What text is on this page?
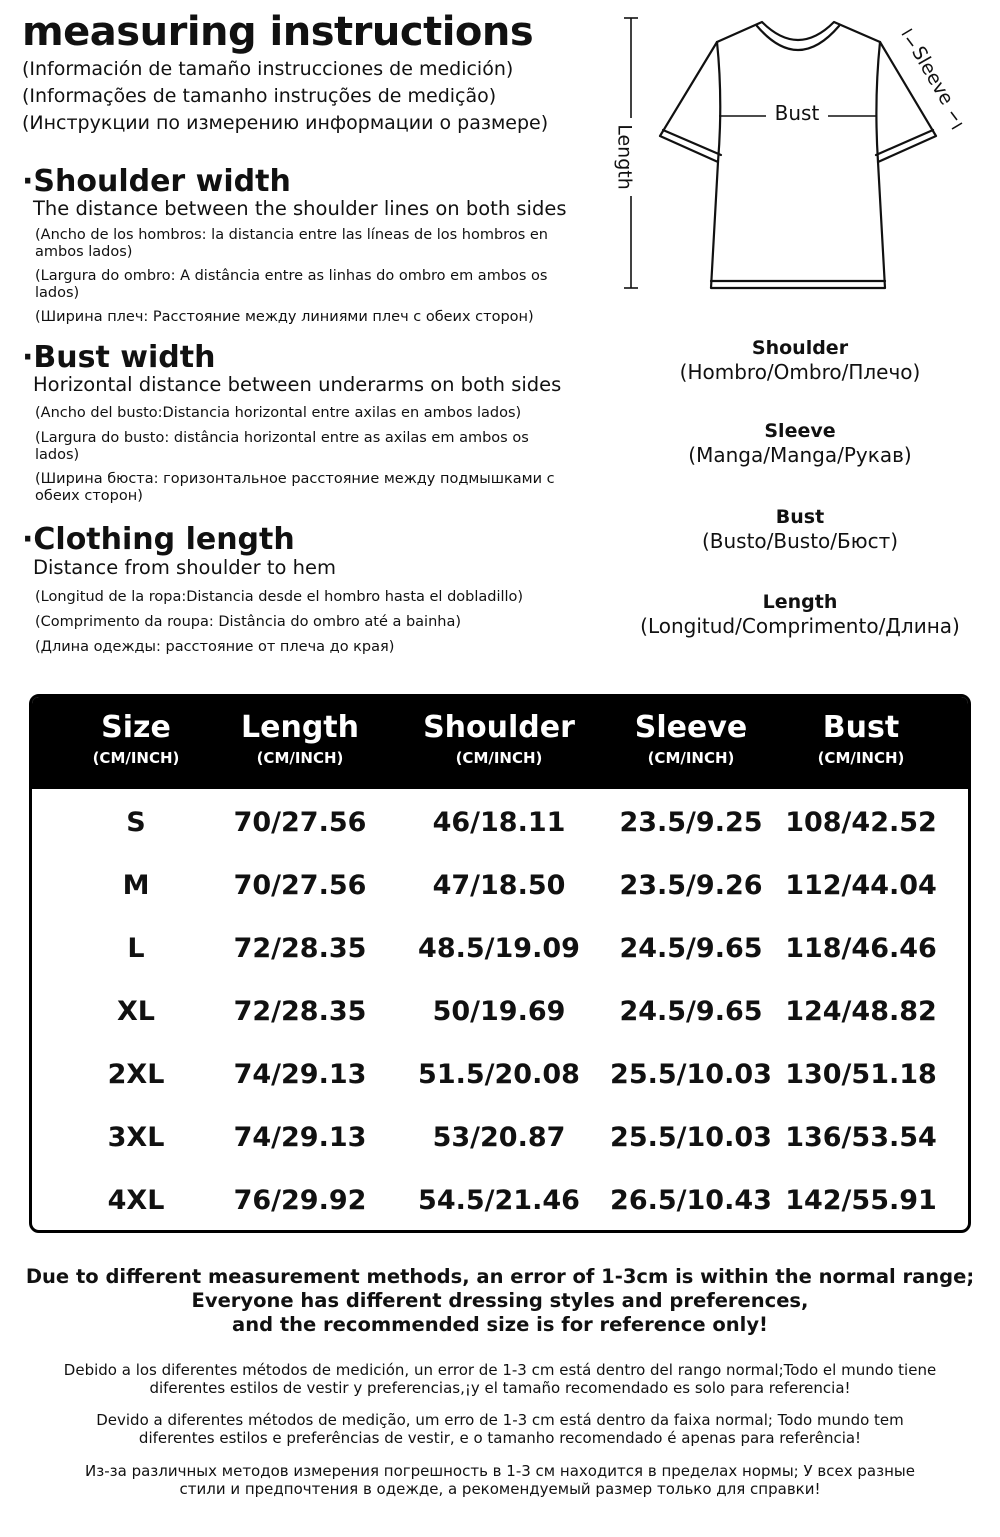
measuring instructions
(Información de tamaño instrucciones de medición)
(Informações de tamanho instruções de medição)
(Инструкции по измерению информации о размере)
·Shoulder width
The distance between the shoulder lines on both sides
(Ancho de los hombros: la distancia entre las líneas de los hombros en ambos lados)
(Largura do ombro: A distância entre as linhas do ombro em ambos os lados)
(Ширина плеч: Расстояние между линиями плеч с обеих сторон)
·Bust width
Horizontal distance between underarms on both sides
(Ancho del busto:Distancia horizontal entre axilas en ambos lados)
(Largura do busto: distância horizontal entre as axilas em ambos os lados)
(Ширина бюста: горизонтальное расстояние между подмышками с обеих сторон)
·Clothing length
Distance from shoulder to hem
(Longitud de la ropa:Distancia desde el hombro hasta el dobladillo)
(Comprimento da roupa: Distância do ombro até a bainha)
(Длина одежды: расстояние от плеча до края)
Length
Bust
Sleeve
Shoulder
(Hombro/Ombro/Плечо)
Sleeve
(Manga/Manga/Рукав)
Bust
(Busto/Busto/Бюст)
Length
(Longitud/Comprimento/Длина)
Size
(CM/INCH)
Length
(CM/INCH)
Shoulder
(CM/INCH)
Sleeve
(CM/INCH)
Bust
(CM/INCH)
S	70/27.56	46/18.11	23.5/9.25 108/42.52
M	70/27.56	47/18.50	23.5/9.26 112/44.04
L	72/28.35	48.5/19.09	24.5/9.65 118/46.46
XL	72/28.35	50/19.69	24.5/9.65 124/48.82
2XL	74/29.13	51.5/20.08	25.5/10.03 130/51.18
3XL	74/29.13	53/20.87	25.5/10.03 136/53.54
4XL	76/29.92	54.5/21.46	26.5/10.43 142/55.91
Due to different measurement methods, an error of 1-3cm is within the normal range;
Everyone has different dressing styles and preferences,
and the recommended size is for reference only!
Debido a los diferentes métodos de medición, un error de 1-3 cm está dentro del rango normal;Todo el mundo tiene diferentes estilos de vestir y preferencias,¡y el tamaño recomendado es solo para referencia!
Devido a diferentes métodos de medição, um erro de 1-3 cm está dentro da faixa normal; Todo mundo tem diferentes estilos e preferências de vestir, e o tamanho recomendado é apenas para referência!
Из-за различных методов измерения погрешность в 1-3 см находится в пределах нормы; У всех разные стили и предпочтения в одежде, а рекомендуемый размер только для справки!
